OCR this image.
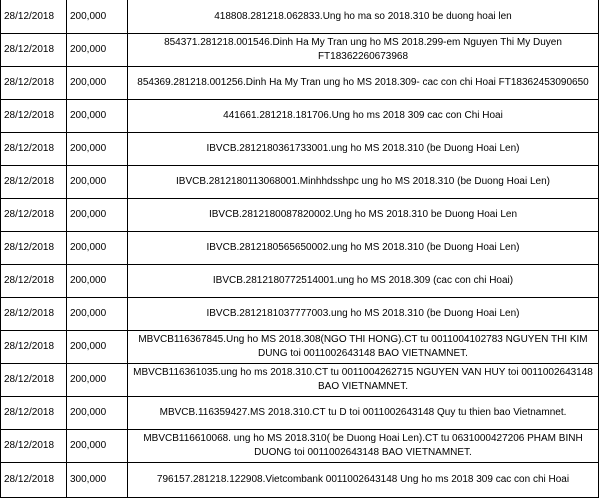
28/12/2018	200,000	418808.281218.062833.Ung ho ma so 2018.310 be duong hoai len
28/12/2018	200,000	854371.281218.001546.Dinh Ha My Tran ung ho MS 2018.299-em Nguyen Thi My Duyen FT18362260673968
28/12/2018	200,000	854369.281218.001256.Dinh Ha My Tran ung ho MS 2018.309- cac con chi Hoai FT18362453090650
28/12/2018	200,000	441661.281218.181706.Ung ho ms 2018 309 cac con Chi Hoai
28/12/2018	200,000	IBVCB.2812180361733001.ung ho MS 2018.310 (be Duong Hoai Len)
28/12/2018	200,000	IBVCB.2812180113068001.Minhhdsshpc ung ho MS 2018.310 (be Duong Hoai Len)
28/12/2018	200,000	IBVCB.2812180087820002.Ung ho MS 2018.310 be Duong Hoai Len
28/12/2018	200,000	IBVCB.2812180565650002.ung ho MS 2018.310 (be Duong Hoai Len)
28/12/2018	200,000	IBVCB.2812180772514001.ung ho MS 2018.309 (cac con chi Hoai)
28/12/2018	200,000	IBVCB.2812181037777003.ung ho MS 2018.310 (be Duong Hoai Len)
28/12/2018	200,000	MBVCB116367845.Ung ho MS 2018.308(NGO THI HONG).CT tu 0011004102783 NGUYEN THI KIM DUNG toi 0011002643148 BAO VIETNAMNET.
28/12/2018	200,000	MBVCB116361035.ung ho ms 2018.310.CT tu 0011004262715 NGUYEN VAN HUY toi 0011002643148 BAO VIETNAMNET.
28/12/2018	200,000	MBVCB.116359427.MS 2018.310.CT tu D toi 0011002643148 Quy tu thien bao Vietnamnet.
28/12/2018	200,000	MBVCB116610068. ung ho MS 2018.310( be Duong Hoai Len).CT tu 0631000427206 PHAM BINH DUONG toi 0011002643148 BAO VIETNAMNET.
28/12/2018	300,000	796157.281218.122908.Vietcombank 0011002643148 Ung ho ms 2018 309 cac con chi Hoai
